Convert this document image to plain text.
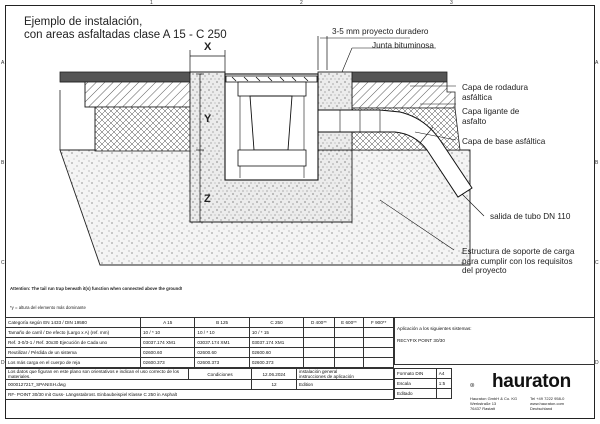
1	2	3
A
B
C
D
A
B
C
D
Ejemplo de instalación,
con areas asfaltadas clase A 15 - C 250
X
Y
Z
3-5 mm proyecto duradero
Junta bituminosa
Capa de rodadura
asfáltica
Capa ligante de
asfalto
Capa de base asfáltica
salida de tubo DN 110
Estructura de soporte de carga
para cumplir con los requisitos
del proyecto
Attention: The tail run trap beneath it(s) function when connected above the ground!
*y = altura del elemento más dominante
Categoría según EN 1433 / DIN 19580	A 15	B 125	C 250	D 400**	E 600**	F 900**
Tamaño de carril / De efecto (Largo x A) (ref. mm)	10 / * 10	10 / * 10	10 / * 15			
Ref. 3-0/3-1 / Ref. 30x30 Ejecución de Cada uno	03037.174 XM1	03037.174 XM1	03037.174 XM1			
Reutilizar / Pérdida de un sistema	02600.60	02600.60	02600.60			
Los más carga en el cuerpo de reja	02600.373	02600.373	02600.373			
Los datos que figuran en este plano son orientativos e indican el uso correcto de los materiales.	Condiciones	12.06.2024	instalación general
instrucciones de aplicación

0000127217_SPANISH.dwg		12	Edition
RF- POINT 30/30 mit Guss- Längsstabrost. Einbaubeispiel Klasse C 250 in Asphalt			
Aplicación a los siguientes sistemas:
RECYFIX POINT 30/30
Formato DIN	A4
Escala	1:5
Editado	
hauraton
Hauraton GmbH & Co. KG
Werkstraße 13
76437 Rastatt
Tel +49 7222 958-0
www.hauraton.com
Deutschland
